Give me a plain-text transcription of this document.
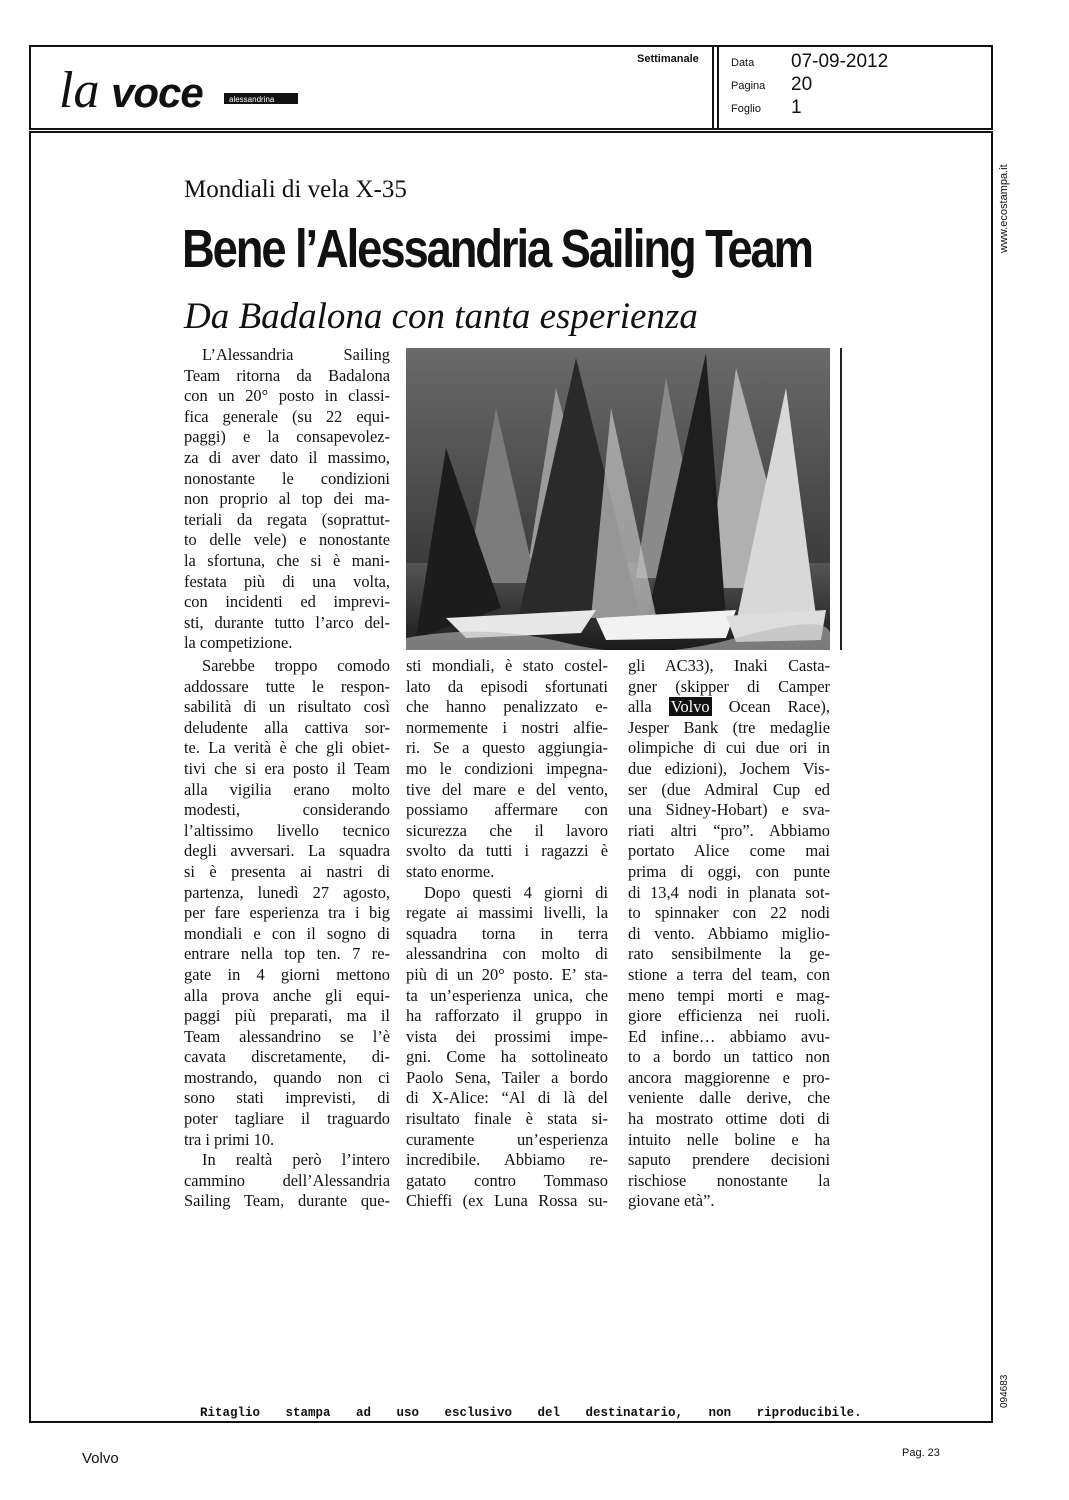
la voce	alessandrina
Settimanale	Data 07-09-2012
Pagina 20
Foglio 1
www.ecostampa.it
094683
Mondiali di vela X-35
Bene l’Alessandria Sailing Team
Da Badalona con tanta esperienza
L’Alessandria Sailing
Team ritorna da Badalona
con un 20° posto in classi-
fica generale (su 22 equi-
paggi) e la consapevolez-
za di aver dato il massimo,
nonostante le condizioni
non proprio al top dei ma-
teriali da regata (soprattut-
to delle vele) e nonostante
la sfortuna, che si è mani-
festata più di una volta,
con incidenti ed imprevi-
sti, durante tutto l’arco del-
la competizione.
Sarebbe troppo comodo
addossare tutte le respon-
sabilità di un risultato così
deludente alla cattiva sor-
te. La verità è che gli obiet-
tivi che si era posto il Team
alla vigilia erano molto
modesti, considerando
l’altissimo livello tecnico
degli avversari. La squadra
si è presenta ai nastri di
partenza, lunedì 27 agosto,
per fare esperienza tra i big
mondiali e con il sogno di
entrare nella top ten. 7 re-
gate in 4 giorni mettono
alla prova anche gli equi-
paggi più preparati, ma il
Team alessandrino se l’è
cavata discretamente, di-
mostrando, quando non ci
sono stati imprevisti, di
poter tagliare il traguardo
tra i primi 10.
In realtà però l’intero
cammino dell’Alessandria
Sailing Team, durante que-
sti mondiali, è stato costel-
lato da episodi sfortunati
che hanno penalizzato e-
normemente i nostri alfie-
ri. Se a questo aggiungia-
mo le condizioni impegna-
tive del mare e del vento,
possiamo affermare con
sicurezza che il lavoro
svolto da tutti i ragazzi è
stato enorme.
Dopo questi 4 giorni di
regate ai massimi livelli, la
squadra torna in terra
alessandrina con molto di
più di un 20° posto. E’ sta-
ta un’esperienza unica, che
ha rafforzato il gruppo in
vista dei prossimi impe-
gni. Come ha sottolineato
Paolo Sena, Tailer a bordo
di X-Alice: “Al di là del
risultato finale è stata si-
curamente un’esperienza
incredibile. Abbiamo re-
gatato contro Tommaso
Chieffi (ex Luna Rossa su-
gli AC33), Inaki Casta-
gner (skipper di Camper
alla Volvo Ocean Race),
Jesper Bank (tre medaglie
olimpiche di cui due ori in
due edizioni), Jochem Vis-
ser (due Admiral Cup ed
una Sidney-Hobart) e sva-
riati altri “pro”. Abbiamo
portato Alice come mai
prima di oggi, con punte
di 13,4 nodi in planata sot-
to spinnaker con 22 nodi
di vento. Abbiamo miglio-
rato sensibilmente la ge-
stione a terra del team, con
meno tempi morti e mag-
giore efficienza nei ruoli.
Ed infine… abbiamo avu-
to a bordo un tattico non
ancora maggiorenne e pro-
veniente dalle derive, che
ha mostrato ottime doti di
intuito nelle boline e ha
saputo prendere decisioni
rischiose nonostante la
giovane età”.
Ritaglio stampa ad uso esclusivo del destinatario, non riproducibile.
Volvo	Pag. 23
